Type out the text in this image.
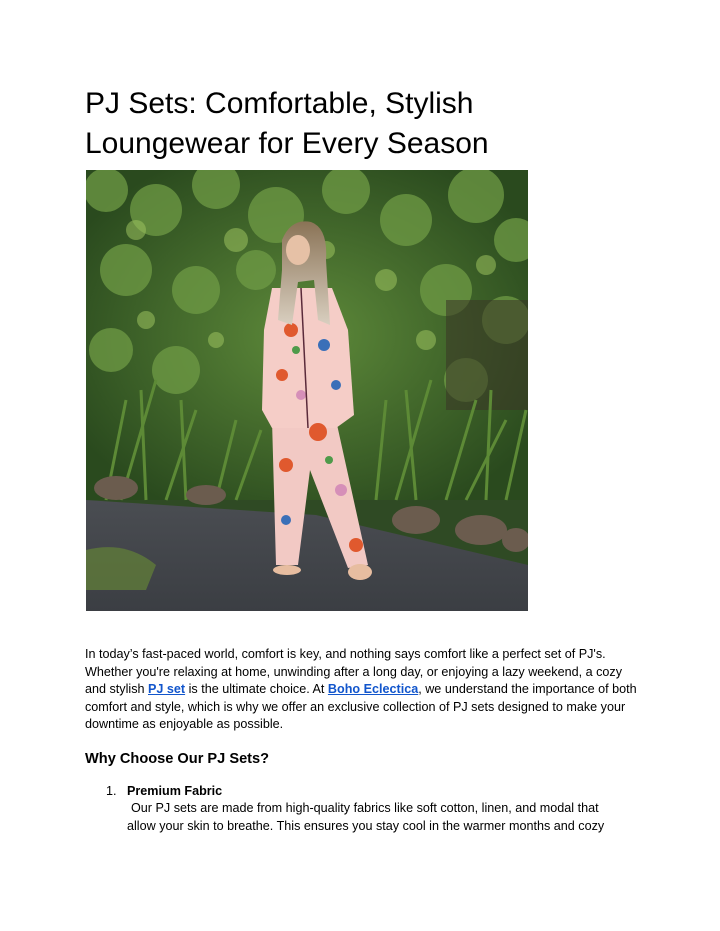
PJ Sets: Comfortable, Stylish Loungewear for Every Season

In today’s fast-paced world, comfort is key, and nothing says comfort like a perfect set of PJ's. Whether you're relaxing at home, unwinding after a long day, or enjoying a lazy weekend, a cozy and stylish PJ set is the ultimate choice. At Boho Eclectica, we understand the importance of both comfort and style, which is why we offer an exclusive collection of PJ sets designed to make your downtime as enjoyable as possible.

Why Choose Our PJ Sets?
1. Premium Fabric
Our PJ sets are made from high-quality fabrics like soft cotton, linen, and modal that
allow your skin to breathe. This ensures you stay cool in the warmer months and cozy
